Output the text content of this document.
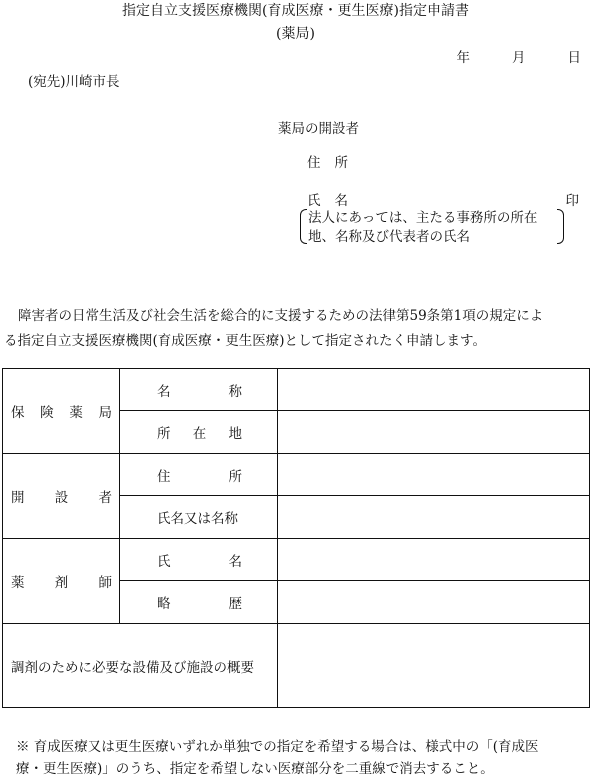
指定自立支援医療機関(育成医療・更生医療)指定申請書
(薬局)
年	月	日
(宛先)川崎市長
薬局の開設者
住 所
氏 名	印
法人にあっては、主たる事務所の所在
地、名称及び代表者の氏名
障害者の日常生活及び社会生活を総合的に支援するための法律第59条第1項の規定によ
る指定自立支援医療機関(育成医療・更生医療)として指定されたく申請します。
保 険 薬 局	名 称	

	所 在 地	

開 設 者	住 所	

	氏名又は名称	

薬 剤 師	氏 名	

	略 歴	

調剤のために必要な設備及び施設の概要		
※ 育成医療又は更生医療いずれか単独での指定を希望する場合は、様式中の「(育成医
療・更生医療)」のうち、指定を希望しない医療部分を二重線で消去すること。
